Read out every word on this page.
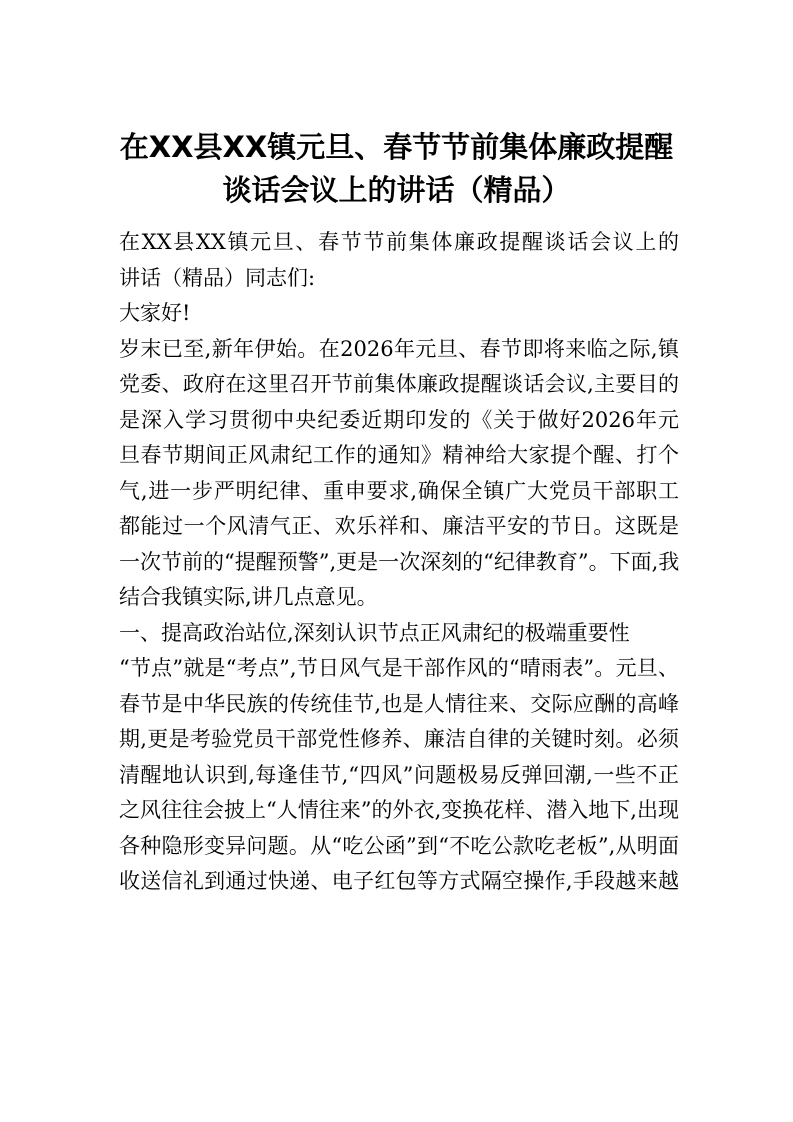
在XX县XX镇元旦、春节节前集体廉政提醒
谈话会议上的讲话（精品）
在XX县XX镇元旦、春节节前集体廉政提醒谈话会议上的
讲话（精品）同志们:
大家好!
岁末已至,新年伊始。在2026年元旦、春节即将来临之际,镇
党委、政府在这里召开节前集体廉政提醒谈话会议,主要目的
是深入学习贯彻中央纪委近期印发的《关于做好2026年元
旦春节期间正风肃纪工作的通知》精神给大家提个醒、打个
气,进一步严明纪律、重申要求,确保全镇广大党员干部职工
都能过一个风清气正、欢乐祥和、廉洁平安的节日。这既是
一次节前的“提醒预警”,更是一次深刻的“纪律教育”。下面,我
结合我镇实际,讲几点意见。
一、提高政治站位,深刻认识节点正风肃纪的极端重要性
“节点”就是“考点”,节日风气是干部作风的“晴雨表”。元旦、
春节是中华民族的传统佳节,也是人情往来、交际应酬的高峰
期,更是考验党员干部党性修养、廉洁自律的关键时刻。必须
清醒地认识到,每逢佳节,“四风”问题极易反弹回潮,一些不正
之风往往会披上“人情往来”的外衣,变换花样、潜入地下,出现
各种隐形变异问题。从“吃公函”到“不吃公款吃老板”,从明面
收送信礼到通过快递、电子红包等方式隔空操作,手段越来越
